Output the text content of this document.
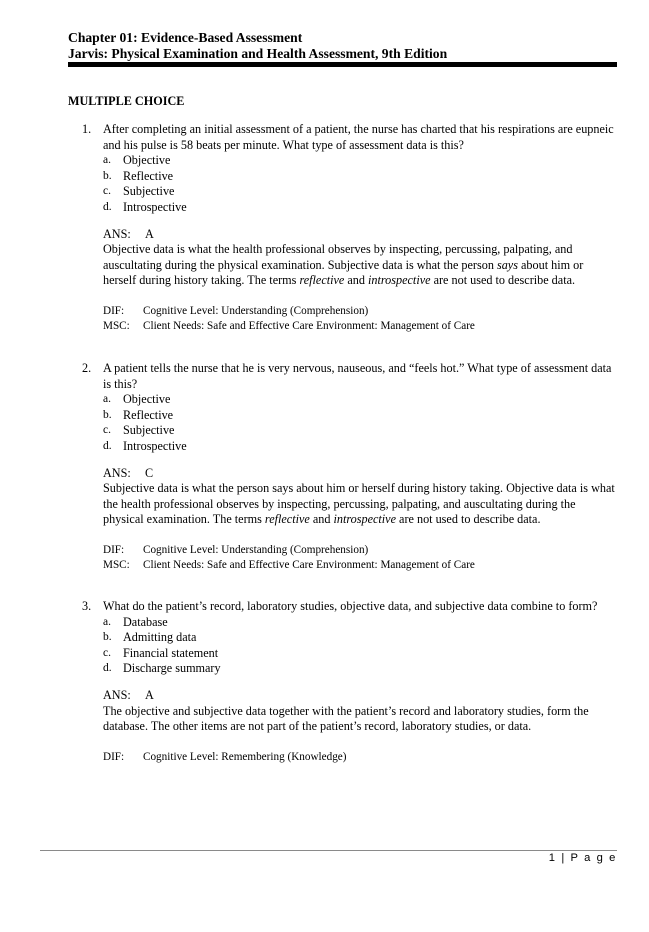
Chapter 01: Evidence-Based Assessment
Jarvis: Physical Examination and Health Assessment, 9th Edition
MULTIPLE CHOICE
1. After completing an initial assessment of a patient, the nurse has charted that his respirations are eupneic and his pulse is 58 beats per minute. What type of assessment data is this?
a. Objective
b. Reflective
c. Subjective
d. Introspective
ANS: A
Objective data is what the health professional observes by inspecting, percussing, palpating, and auscultating during the physical examination. Subjective data is what the person says about him or herself during history taking. The terms reflective and introspective are not used to describe data.
DIF:	Cognitive Level: Understanding (Comprehension)
MSC:	Client Needs: Safe and Effective Care Environment: Management of Care
2. A patient tells the nurse that he is very nervous, nauseous, and “feels hot.” What type of assessment data is this?
a. Objective
b. Reflective
c. Subjective
d. Introspective
ANS: C
Subjective data is what the person says about him or herself during history taking. Objective data is what the health professional observes by inspecting, percussing, palpating, and auscultating during the physical examination. The terms reflective and introspective are not used to describe data.
DIF:	Cognitive Level: Understanding (Comprehension)
MSC:	Client Needs: Safe and Effective Care Environment: Management of Care
3. What do the patient’s record, laboratory studies, objective data, and subjective data combine to form?
a. Database
b. Admitting data
c. Financial statement
d. Discharge summary
ANS: A
The objective and subjective data together with the patient’s record and laboratory studies, form the database. The other items are not part of the patient’s record, laboratory studies, or data.
DIF:	Cognitive Level: Remembering (Knowledge)
1 | P a g e
